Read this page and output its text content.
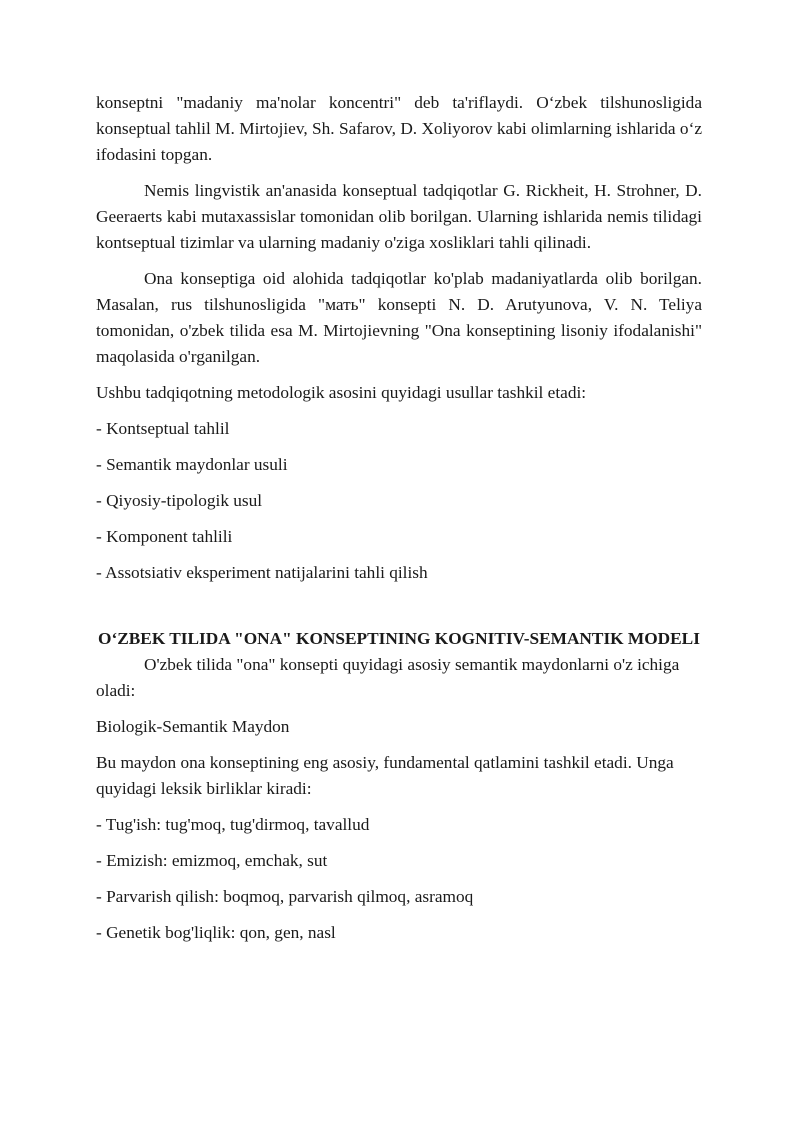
konseptni "madaniy ma'nolar koncentri" deb ta'riflaydi. O‘zbek tilshunosligida konseptual tahlil M. Mirtojiev, Sh. Safarov, D. Xoliyorov kabi olimlarning ishlarida o‘z ifodasini topgan.

Nemis lingvistik an'anasida konseptual tadqiqotlar G. Rickheit, H. Strohner, D. Geeraerts kabi mutaxassislar tomonidan olib borilgan. Ularning ishlarida nemis tilidagi kontseptual tizimlar va ularning madaniy o'ziga xosliklari tahli qilinadi.

Ona konseptiga oid alohida tadqiqotlar ko'plab madaniyatlarda olib borilgan. Masalan, rus tilshunosligida "мать" konsepti N. D. Arutyunova, V. N. Teliya tomonidan, o'zbek tilida esa M. Mirtojievning "Ona konseptining lisoniy ifodalanishi" maqolasida o'rganilgan.

Ushbu tadqiqotning metodologik asosini quyidagi usullar tashkil etadi:

- Kontseptual tahlil

- Semantik maydonlar usuli

- Qiyosiy-tipologik usul

- Komponent tahlili

- Assotsiativ eksperiment natijalarini tahli qilish

O‘ZBEK TILIDA "ONA" KONSEPTINING KOGNITIV-SEMANTIK MODELI

O'zbek tilida "ona" konsepti quyidagi asosiy semantik maydonlarni o'z ichiga oladi:

Biologik-Semantik Maydon

Bu maydon ona konseptining eng asosiy, fundamental qatlamini tashkil etadi. Unga quyidagi leksik birliklar kiradi:

- Tug'ish: tug'moq, tug'dirmoq, tavallud

- Emizish: emizmoq, emchak, sut

- Parvarish qilish: boqmoq, parvarish qilmoq, asramoq

- Genetik bog'liqlik: qon, gen, nasl
